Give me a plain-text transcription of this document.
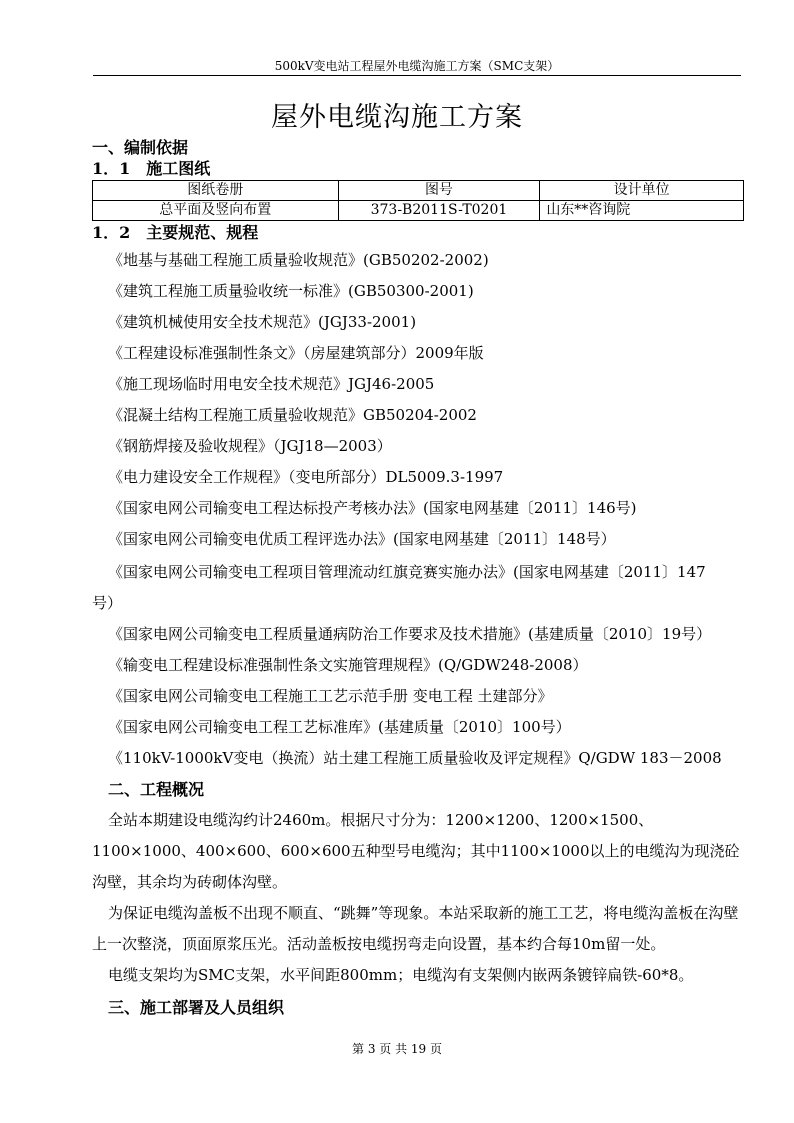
500kV变电站工程屋外电缆沟施工方案（SMC支架）
屋外电缆沟施工方案
一、编制依据
1．1　施工图纸
图纸卷册	图号	设计单位
总平面及竖向布置	373-B2011S-T0201	山东**咨询院
1．2　主要规范、规程
《地基与基础工程施工质量验收规范》(GB50202-2002)
《建筑工程施工质量验收统一标准》(GB50300-2001)
《建筑机械使用安全技术规范》(JGJ33-2001)
《工程建设标准强制性条文》（房屋建筑部分）2009年版
《施工现场临时用电安全技术规范》JGJ46-2005
《混凝土结构工程施工质量验收规范》GB50204-2002
《钢筋焊接及验收规程》（JGJ18—2003）
《电力建设安全工作规程》（变电所部分）DL5009.3-1997
《国家电网公司输变电工程达标投产考核办法》(国家电网基建〔2011〕146号)
《国家电网公司输变电优质工程评选办法》(国家电网基建〔2011〕148号）
《国家电网公司输变电工程项目管理流动红旗竞赛实施办法》(国家电网基建〔2011〕147
号）
《国家电网公司输变电工程质量通病防治工作要求及技术措施》(基建质量〔2010〕19号）
《输变电工程建设标准强制性条文实施管理规程》(Q/GDW248-2008）
《国家电网公司输变电工程施工工艺示范手册 变电工程 土建部分》
《国家电网公司输变电工程工艺标准库》(基建质量〔2010〕100号）
《110kV-1000kV变电（换流）站土建工程施工质量验收及评定规程》Q/GDW 183－2008
二、工程概况
全站本期建设电缆沟约计2460m。根据尺寸分为：1200×1200、1200×1500、1100×1000、400×600、600×600五种型号电缆沟；其中1100×1000以上的电缆沟为现浇砼沟壁，其余均为砖砌体沟壁。
为保证电缆沟盖板不出现不顺直、“跳舞”等现象。本站采取新的施工工艺，将电缆沟盖板在沟壁上一次整浇，顶面原浆压光。活动盖板按电缆拐弯走向设置，基本约合每10m留一处。
电缆支架均为SMC支架，水平间距800mm；电缆沟有支架侧内嵌两条镀锌扁铁-60*8。
三、施工部署及人员组织
第 3 页 共 19 页
